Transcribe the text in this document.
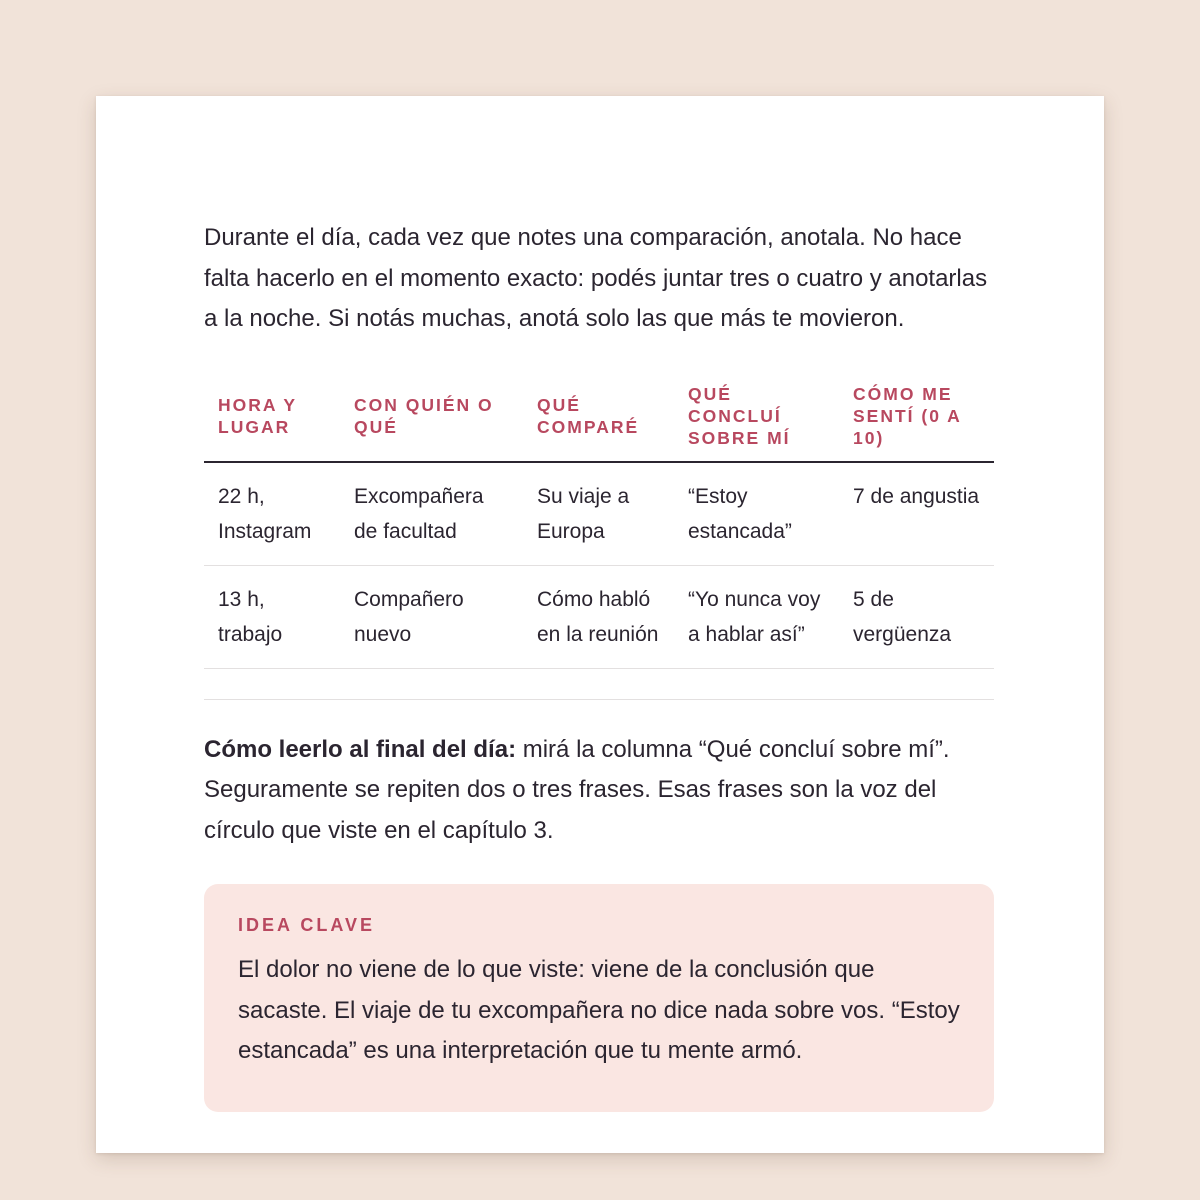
Durante el día, cada vez que notes una comparación, anotala. No hace falta hacerlo en el momento exacto: podés juntar tres o cuatro y anotarlas a la noche. Si notás muchas, anotá solo las que más te movieron.

HORA Y LUGAR	CON QUIÉN O QUÉ	QUÉ COMPARÉ	QUÉ CONCLUÍ SOBRE MÍ	CÓMO ME SENTÍ (0 A 10)
22 h, Instagram	Excompañera de facultad	Su viaje a Europa	“Estoy estancada”	7 de angustia
13 h, trabajo	Compañero nuevo	Cómo habló en la reunión	“Yo nunca voy a hablar así”	5 de vergüenza

Cómo leerlo al final del día: mirá la columna “Qué concluí sobre mí”. Seguramente se repiten dos o tres frases. Esas frases son la voz del círculo que viste en el capítulo 3.

IDEA CLAVE

El dolor no viene de lo que viste: viene de la conclusión que sacaste. El viaje de tu excompañera no dice nada sobre vos. “Estoy estancada” es una interpretación que tu mente armó.
